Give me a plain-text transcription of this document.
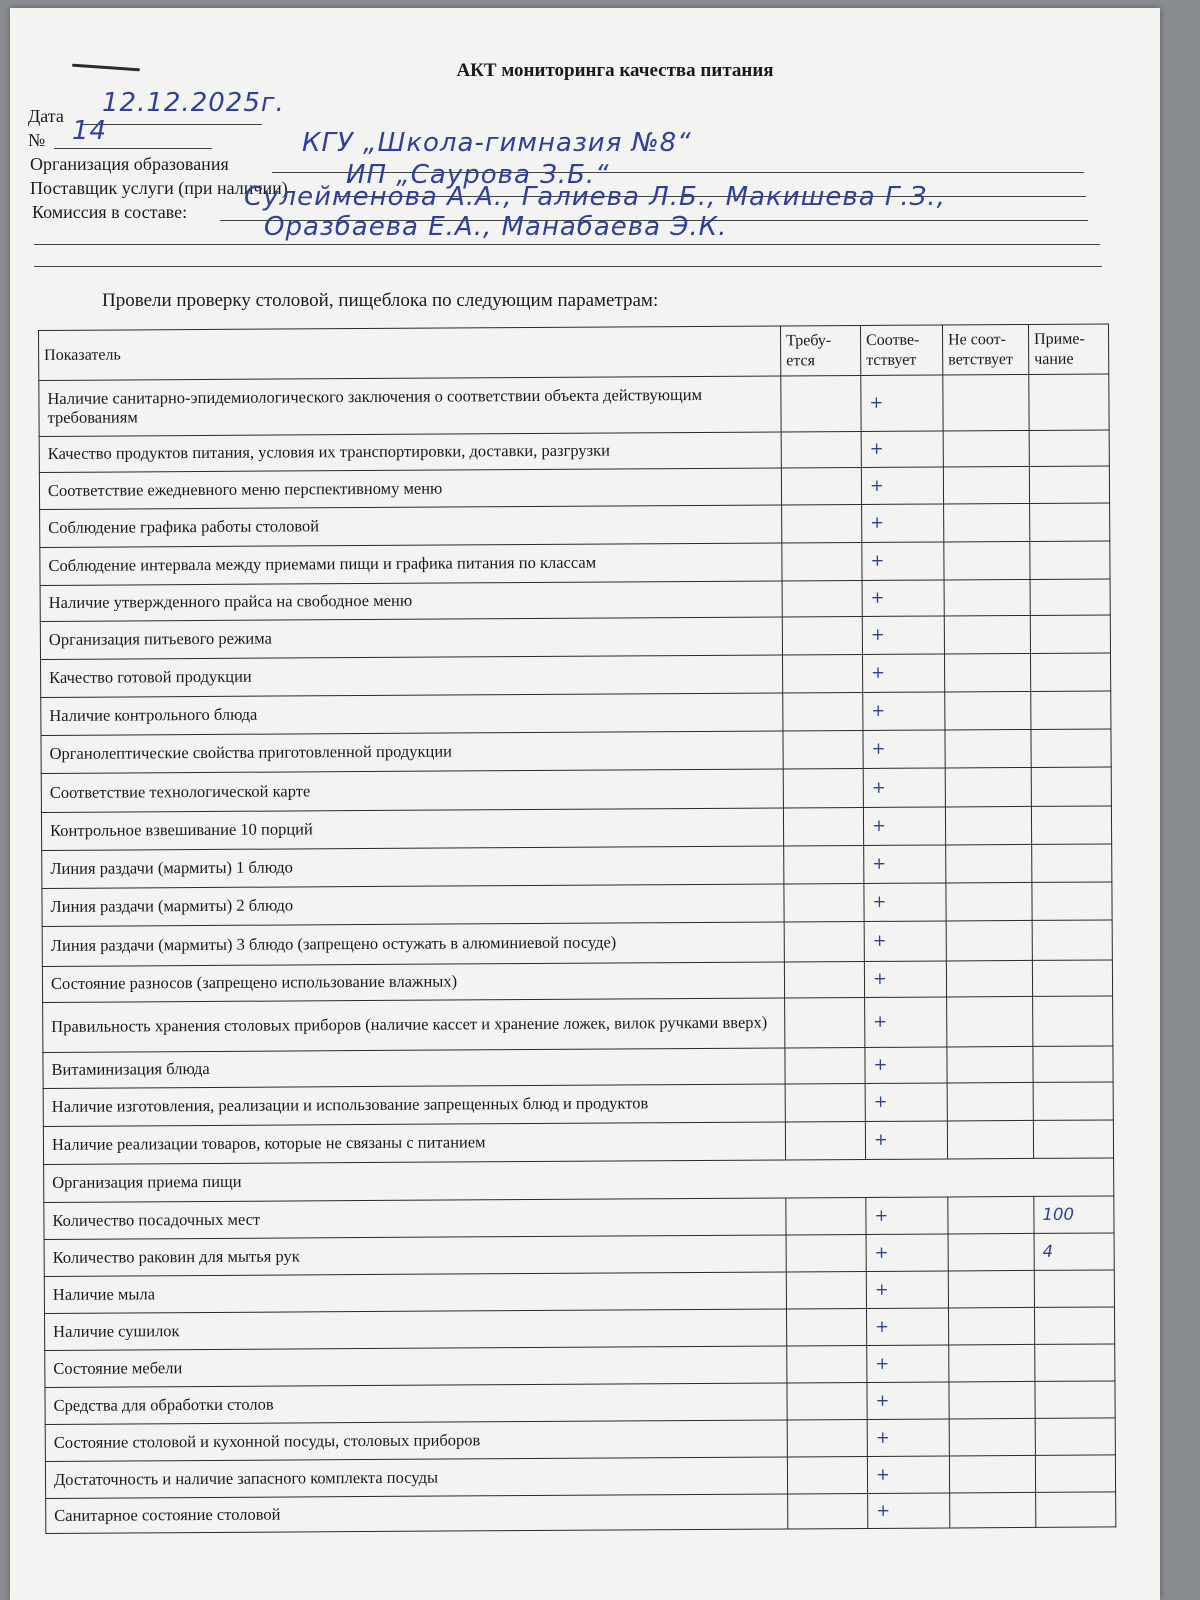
АКТ мониторинга качества питания
Дата 12.12.2025г.
№ 14
Организация образования
КГУ „Школа-гимназия №8“
Поставщик услуги (при наличии) ИП „Саурова З.Б.“
Комиссия в составе: Сулейменова А.А., Галиева Л.Б., Макишева Г.З.,
Оразбаева Е.А., Манабаева Э.К.
Провели проверку столовой, пищеблока по следующим параметрам:
Показатель	Требу-ется	Соотве-тствует	Не соот-ветствует	Приме-чание
Наличие санитарно-эпидемиологического заключения о соответствии объекта действующим требованиям		+		
Качество продуктов питания, условия их транспортировки, доставки, разгрузки		+		
Соответствие ежедневного меню перспективному меню		+		
Соблюдение графика работы столовой		+		
Соблюдение интервала между приемами пищи и графика питания по классам		+		
Наличие утвержденного прайса на свободное меню		+		
Организация питьевого режима		+		
Качество готовой продукции		+		
Наличие контрольного блюда		+		
Органолептические свойства приготовленной продукции		+		
Соответствие технологической карте		+		
Контрольное взвешивание 10 порций		+		
Линия раздачи (мармиты) 1 блюдо		+		
Линия раздачи (мармиты) 2 блюдо		+		
Линия раздачи (мармиты) 3 блюдо (запрещено остужать в алюминиевой посуде)		+		
Состояние разносов (запрещено использование влажных)		+		
Правильность хранения столовых приборов (наличие кассет и хранение ложек, вилок ручками вверх)		+		
Витаминизация блюда		+		
Наличие изготовления, реализации и использование запрещенных блюд и продуктов		+		
Наличие реализации товаров, которые не связаны с питанием		+		
Организация приема пищи				
Количество посадочных мест		+		100
Количество раковин для мытья рук		+		4
Наличие мыла		+		
Наличие сушилок		+		
Состояние мебели		+		
Средства для обработки столов		+		
Состояние столовой и кухонной посуды, столовых приборов		+		
Достаточность и наличие запасного комплекта посуды		+		
Санитарное состояние столовой		+		
